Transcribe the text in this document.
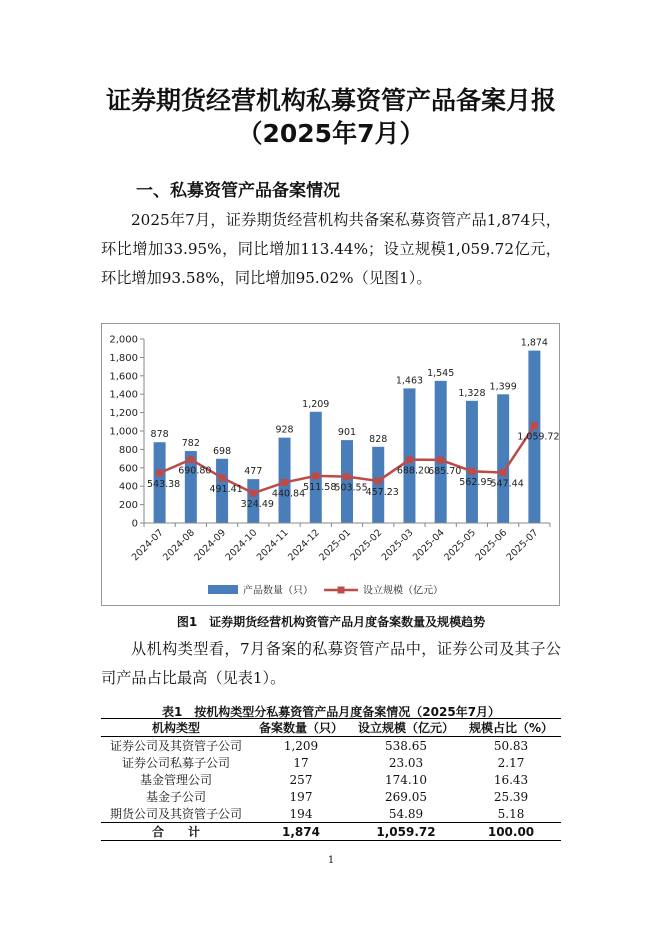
证券期货经营机构私募资管产品备案月报
（2025年7月）
一、私募资管产品备案情况

2025年7月，证券期货经营机构共备案私募资管产品1,874只，环比增加33.95%，同比增加113.44%；设立规模1,059.72亿元，环比增加93.58%，同比增加95.02%（见图1）。

878
782
698
477
928
1,209
901
828
1,463
1,545
1,328
1,399
1,874
543.38
690.80
491.41
324.49
440.84
511.58
503.55
457.23
688.20
685.70
562.95
547.44
1,059.72
0
200
400
600
800
1,000
1,200
1,400
1,600
1,800
2,000
2024-07
2024-08
2024-09
2024-10
2024-11
2024-12
2025-01
2025-02
2025-03
2025-04
2025-05
2025-06
2025-07
产品数量（只）	设立规模（亿元）
图1　证券期货经营机构资管产品月度备案数量及规模趋势

从机构类型看，7月备案的私募资管产品中，证券公司及其子公司产品占比最高（见表1）。

表1　按机构类型分私募资管产品月度备案情况（2025年7月）
机构类型	备案数量（只）	设立规模（亿元）	规模占比（%）
证券公司及其资管子公司	1,209	538.65	50.83
证券公司私募子公司	17	23.03	2.17
基金管理公司	257	174.10	16.43
基金子公司	197	269.05	25.39
期货公司及其资管子公司	194	54.89	5.18
合　　计	1,874	1,059.72	100.00
1
